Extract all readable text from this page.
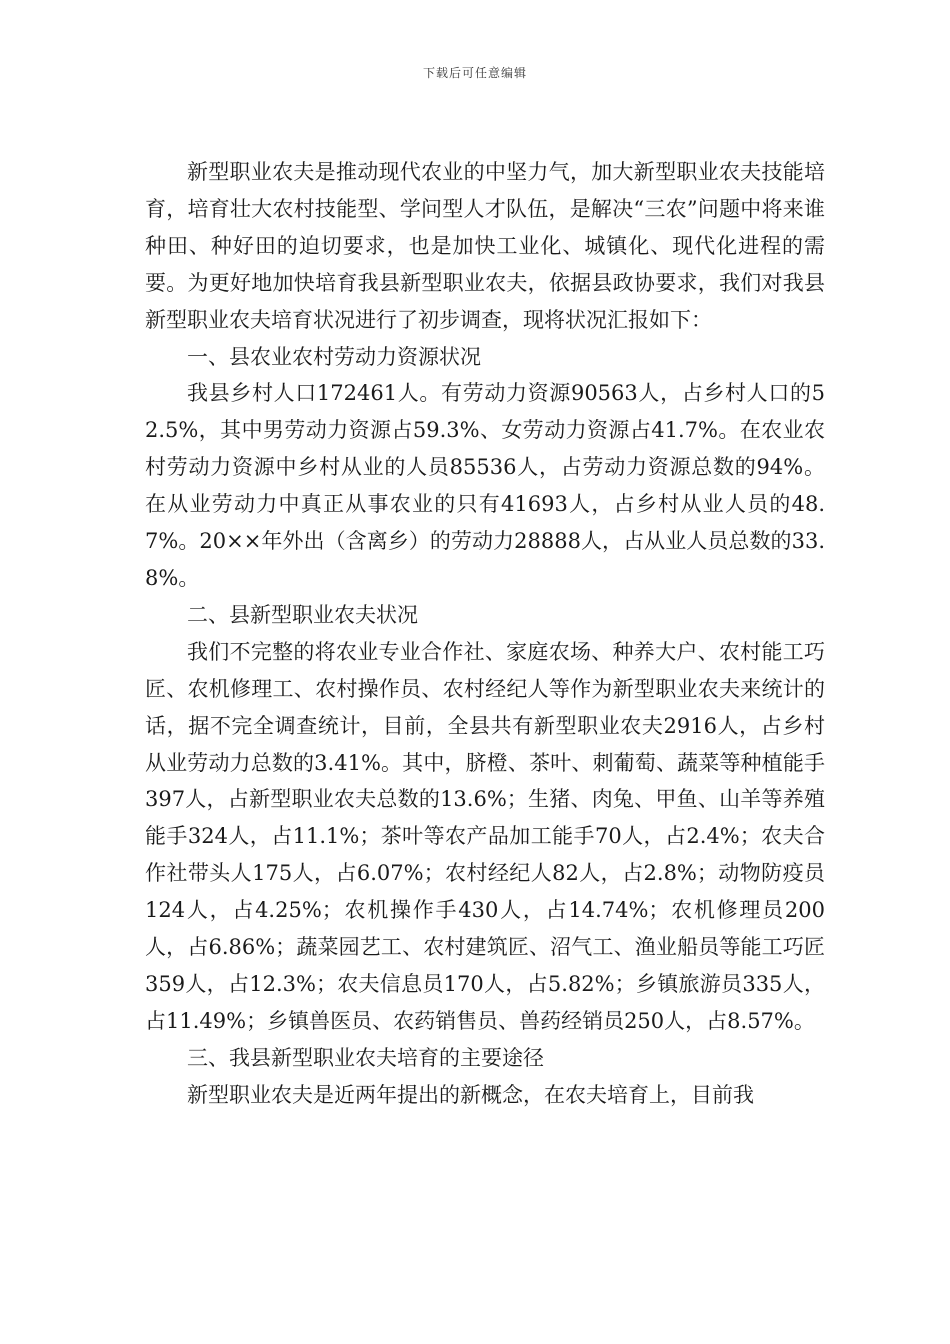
下载后可任意编辑

新型职业农夫是推动现代农业的中坚力气，加大新型职业农夫技能培育，培育壮大农村技能型、学问型人才队伍，是解决“三农”问题中将来谁种田、种好田的迫切要求，也是加快工业化、城镇化、现代化进程的需要。为更好地加快培育我县新型职业农夫，依据县政协要求，我们对我县新型职业农夫培育状况进行了初步调查，现将状况汇报如下：

一、县农业农村劳动力资源状况

我县乡村人口172461人。有劳动力资源90563人，占乡村人口的52.5%，其中男劳动力资源占59.3%、女劳动力资源占41.7%。在农业农村劳动力资源中乡村从业的人员85536人，占劳动力资源总数的94%。在从业劳动力中真正从事农业的只有41693人，占乡村从业人员的48.7%。20××年外出（含离乡）的劳动力28888人，占从业人员总数的33.8%。

二、县新型职业农夫状况

我们不完整的将农业专业合作社、家庭农场、种养大户、农村能工巧匠、农机修理工、农村操作员、农村经纪人等作为新型职业农夫来统计的话，据不完全调查统计，目前，全县共有新型职业农夫2916人，占乡村从业劳动力总数的3.41%。其中，脐橙、茶叶、刺葡萄、蔬菜等种植能手397人，占新型职业农夫总数的13.6%；生猪、肉兔、甲鱼、山羊等养殖能手324人，占11.1%；茶叶等农产品加工能手70人，占2.4%；农夫合作社带头人175人，占6.07%；农村经纪人82人，占2.8%；动物防疫员124人，占4.25%；农机操作手430人，占14.74%；农机修理员200人，占6.86%；蔬菜园艺工、农村建筑匠、沼气工、渔业船员等能工巧匠359人，占12.3%；农夫信息员170人，占5.82%；乡镇旅游员335人，占11.49%；乡镇兽医员、农药销售员、兽药经销员250人，占8.57%。

三、我县新型职业农夫培育的主要途径

新型职业农夫是近两年提出的新概念，在农夫培育上，目前我
